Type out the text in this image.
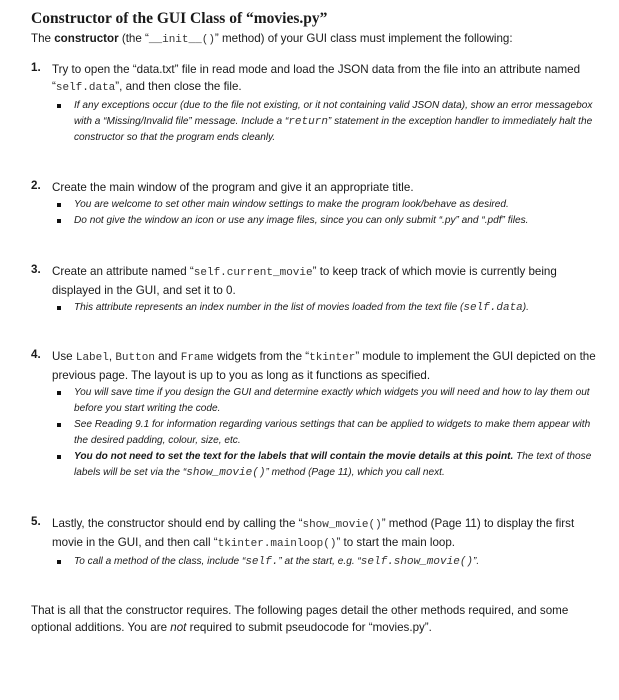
Constructor of the GUI Class of “movies.py”
The constructor (the “__init__()” method) of your GUI class must implement the following:
1. Try to open the “data.txt” file in read mode and load the JSON data from the file into an attribute named “self.data”, and then close the file.
If any exceptions occur (due to the file not existing, or it not containing valid JSON data), show an error messagebox with a “Missing/Invalid file” message. Include a “return” statement in the exception handler to immediately halt the constructor so that the program ends cleanly.
2. Create the main window of the program and give it an appropriate title.
You are welcome to set other main window settings to make the program look/behave as desired.
Do not give the window an icon or use any image files, since you can only submit “.py” and “.pdf” files.
3. Create an attribute named “self.current_movie” to keep track of which movie is currently being displayed in the GUI, and set it to 0.
This attribute represents an index number in the list of movies loaded from the text file (self.data).
4. Use Label, Button and Frame widgets from the “tkinter” module to implement the GUI depicted on the previous page. The layout is up to you as long as it functions as specified.
You will save time if you design the GUI and determine exactly which widgets you will need and how to lay them out before you start writing the code.
See Reading 9.1 for information regarding various settings that can be applied to widgets to make them appear with the desired padding, colour, size, etc.
You do not need to set the text for the labels that will contain the movie details at this point. The text of those labels will be set via the “show_movie()” method (Page 11), which you call next.
5. Lastly, the constructor should end by calling the “show_movie()” method (Page 11) to display the first movie in the GUI, and then call “tkinter.mainloop()” to start the main loop.
To call a method of the class, include “self.” at the start, e.g. “self.show_movie()”.
That is all that the constructor requires. The following pages detail the other methods required, and some optional additions. You are not required to submit pseudocode for “movies.py”.
